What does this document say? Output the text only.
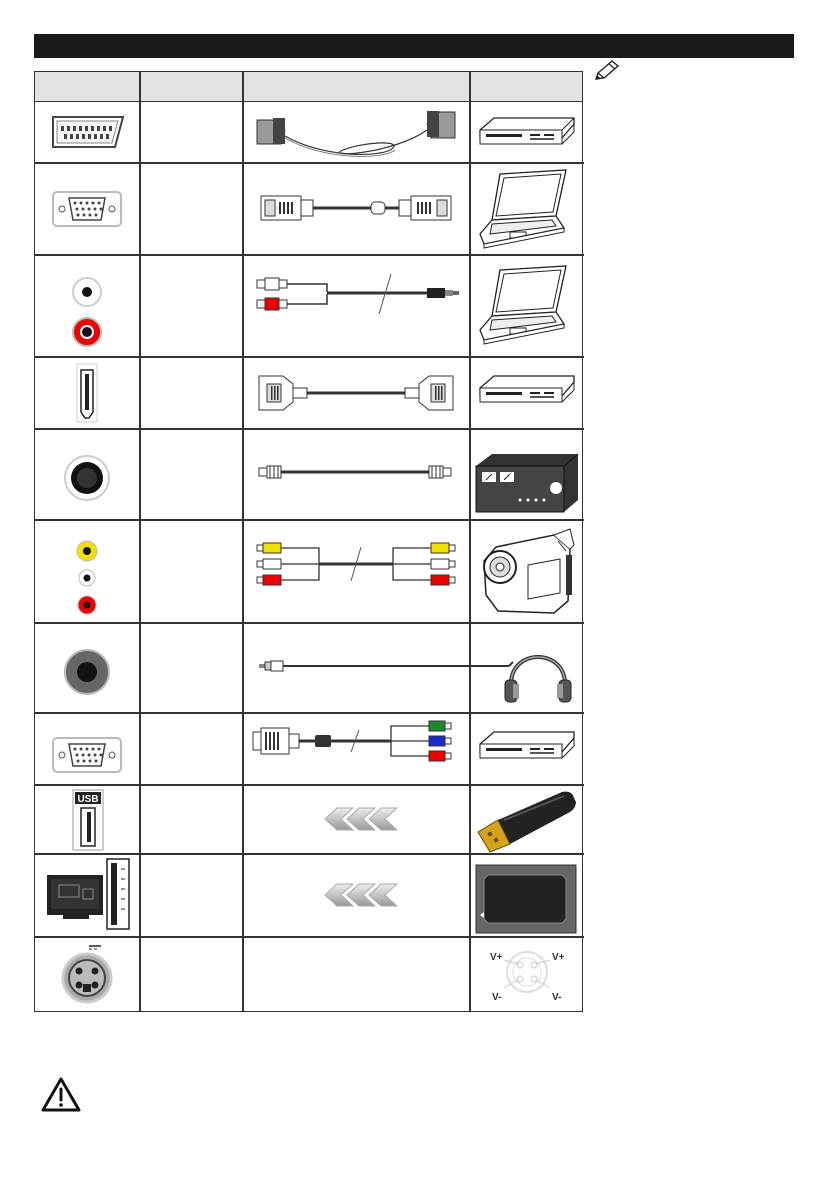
USB
V+	V+
V-	V-
